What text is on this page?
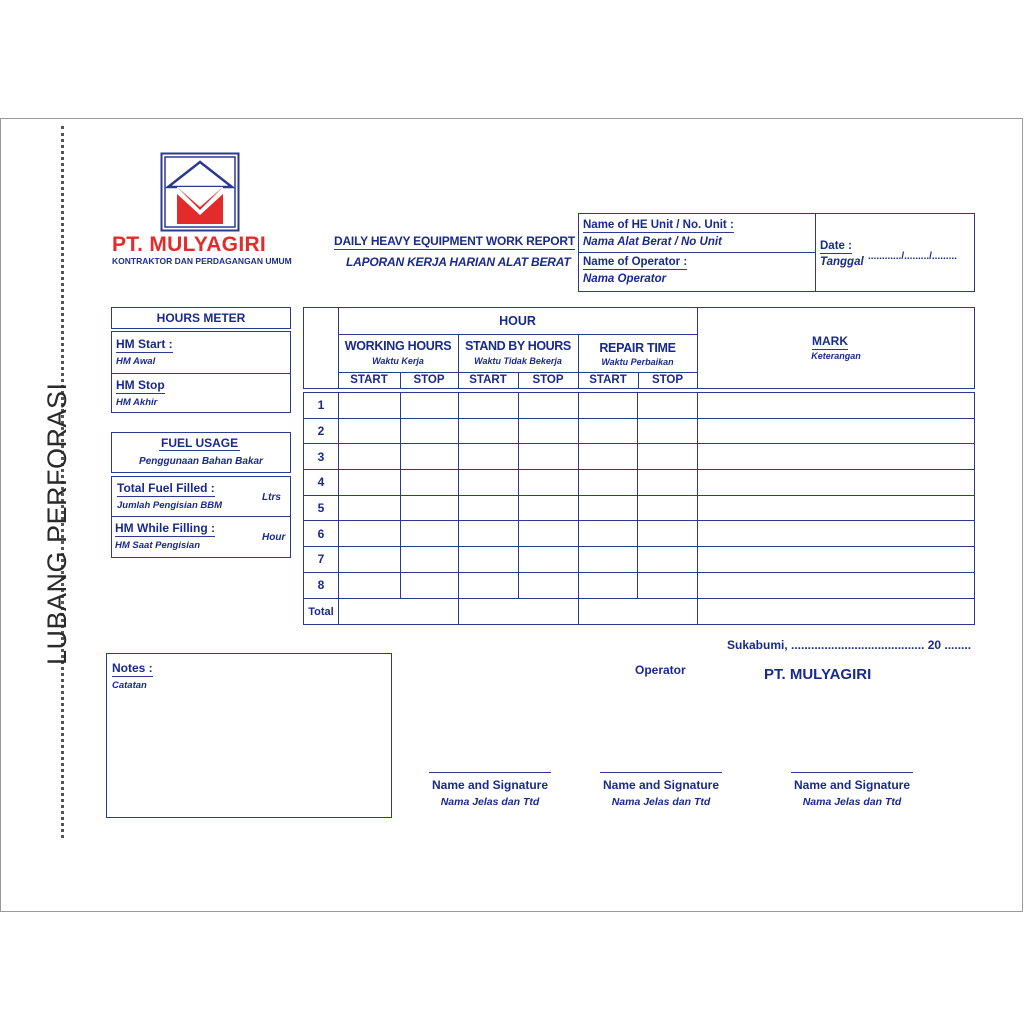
LUBANG PERFORASI
PT. MULYAGIRI
KONTRAKTOR DAN PERDAGANGAN UMUM
DAILY HEAVY EQUIPMENT WORK REPORT
LAPORAN KERJA HARIAN ALAT BERAT
Name of HE Unit / No. Unit :
Nama Alat Berat / No Unit
Name of Operator :
Nama Operator
Date :
Tanggal ............/........./.........
HOURS METER
HM Start :
HM Awal
HM Stop
HM Akhir
FUEL USAGE
Penggunaan Bahan Bakar
Total Fuel Filled :
Jumlah Pengisian BBM
Ltrs
HM While Filling :
HM Saat Pengisian
Hour
HOUR
WORKING HOURS
Waktu Kerja
STAND BY HOURS
Waktu Tidak Bekerja
REPAIR TIME
Waktu Perbaikan
START	STOP	START	STOP	START	STOP
MARK
Keterangan
1							
2							
3							
4							
5							
6							
7							
8							
Total				
Notes :
Catatan
Sukabumi, ........................................ 20 ........
Operator	PT. MULYAGIRI
Name and Signature
Nama Jelas dan Ttd
Name and Signature
Nama Jelas dan Ttd
Name and Signature
Nama Jelas dan Ttd
